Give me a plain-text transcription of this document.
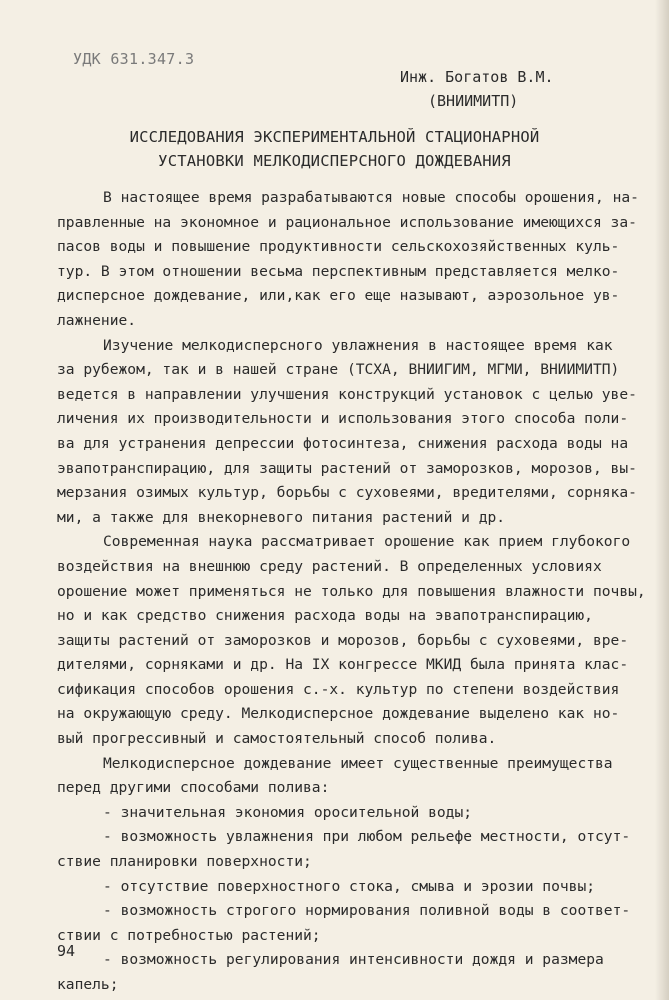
УДК 631.347.3
Инж. Богатов В.М.
(ВНИИМИТП)
ИССЛЕДОВАНИЯ ЭКСПЕРИМЕНТАЛЬНОЙ СТАЦИОНАРНОЙ
УСТАНОВКИ МЕЛКОДИСПЕРСНОГО ДОЖДЕВАНИЯ
В настоящее время разрабатываются новые способы орошения, на-
правленные на экономное и рациональное использование имеющихся за-
пасов воды и повышение продуктивности сельскохозяйственных куль-
тур. В этом отношении весьма перспективным представляется мелко-
дисперсное дождевание, или,как его еще называют, аэрозольное ув-
лажнение.
Изучение мелкодисперсного увлажнения в настоящее время как
за рубежом, так и в нашей стране (ТСХА, ВНИИГИМ, МГМИ, ВНИИМИТП)
ведется в направлении улучшения конструкций установок с целью уве-
личения их производительности и использования этого способа поли-
ва для устранения депрессии фотосинтеза, снижения расхода воды на
эвапотранспирацию, для защиты растений от заморозков, морозов, вы-
мерзания озимых культур, борьбы с суховеями, вредителями, сорняка-
ми, а также для внекорневого питания растений и др.
Современная наука рассматривает орошение как прием глубокого
воздействия на внешнюю среду растений. В определенных условиях
орошение может применяться не только для повышения влажности почвы,
но и как средство снижения расхода воды на эвапотранспирацию,
защиты растений от заморозков и морозов, борьбы с суховеями, вре-
дителями, сорняками и др. На IX конгрессе МКИД была принята клас-
сификация способов орошения с.-х. культур по степени воздействия
на окружающую среду. Мелкодисперсное дождевание выделено как но-
вый прогрессивный и самостоятельный способ полива.
Мелкодисперсное дождевание имеет существенные преимущества
перед другими способами полива:
- значительная экономия оросительной воды;
- возможность увлажнения при любом рельефе местности, отсут-
ствие планировки поверхности;
- отсутствие поверхностного стока, смыва и эрозии почвы;
- возможность строгого нормирования поливной воды в соответ-
ствии с потребностью растений;
- возможность регулирования интенсивности дождя и размера
капель;
94
